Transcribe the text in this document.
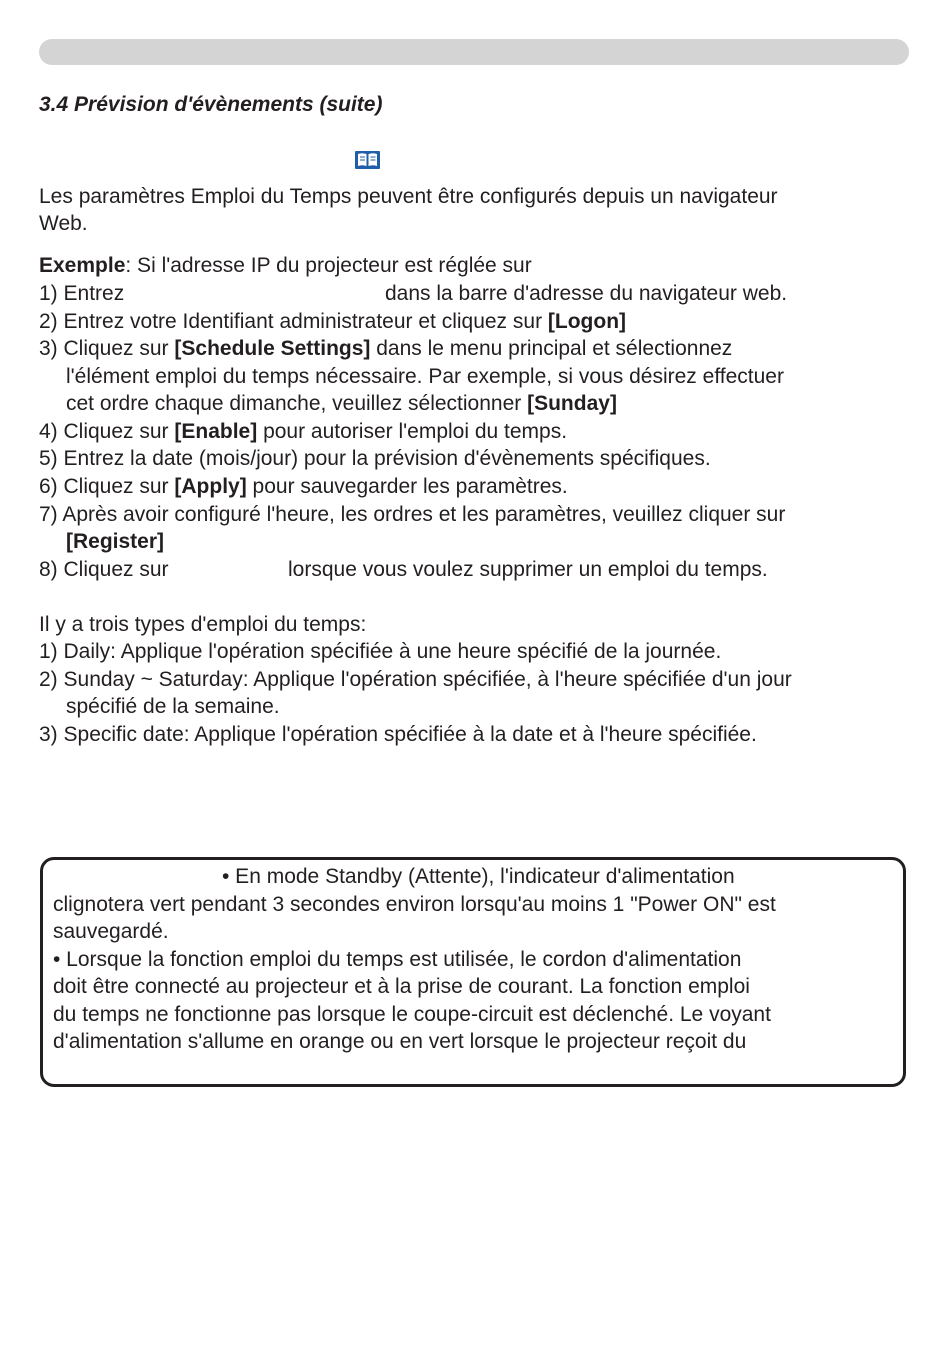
3.4 Prévision d'évènements (suite)

Les paramètres Emploi du Temps peuvent être configurés depuis un navigateur

Web.

Exemple: Si l'adresse IP du projecteur est réglée sur

1) Entrez	dans la barre d'adresse du navigateur web.

2) Entrez votre Identifiant administrateur et cliquez sur [Logon]

3) Cliquez sur [Schedule Settings] dans le menu principal et sélectionnez

l'élément emploi du temps nécessaire. Par exemple, si vous désirez effectuer
cet ordre chaque dimanche, veuillez sélectionner [Sunday]

4) Cliquez sur [Enable] pour autoriser l'emploi du temps.

5) Entrez la date (mois/jour) pour la prévision d'évènements spécifiques.

6) Cliquez sur [Apply] pour sauvegarder les paramètres.

7) Après avoir configuré l'heure, les ordres et les paramètres, veuillez cliquer sur

[Register]
8) Cliquez sur	lorsque vous voulez supprimer un emploi du temps.

Il y a trois types d'emploi du temps:

1) Daily: Applique l'opération spécifiée à une heure spécifié de la journée.

2) Sunday ~ Saturday: Applique l'opération spécifiée, à l'heure spécifiée d'un jour

spécifié de la semaine.

3) Specific date: Applique l'opération spécifiée à la date et à l'heure spécifiée.

• En mode Standby (Attente), l'indicateur d'alimentation
clignotera vert pendant 3 secondes environ lorsqu'au moins 1 "Power ON" est
sauvegardé.
• Lorsque la fonction emploi du temps est utilisée, le cordon d'alimentation
doit être connecté au projecteur et à la prise de courant. La fonction emploi
du temps ne fonctionne pas lorsque le coupe-circuit est déclenché. Le voyant
d'alimentation s'allume en orange ou en vert lorsque le projecteur reçoit du
